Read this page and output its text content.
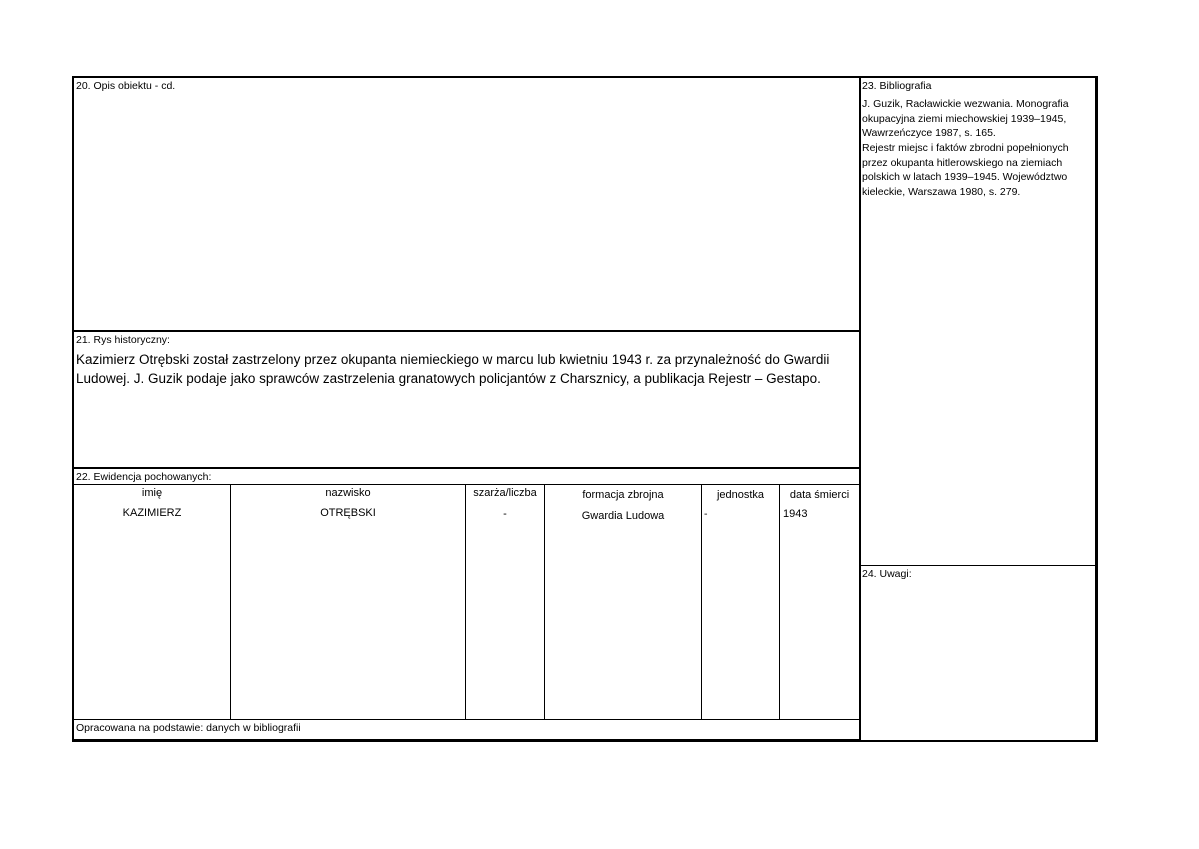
20. Opis obiektu - cd.
21. Rys historyczny:
Kazimierz Otrębski został zastrzelony przez okupanta niemieckiego w marcu lub kwietniu 1943 r. za przynależność do Gwardii Ludowej. J. Guzik podaje jako sprawców zastrzelenia granatowych policjantów z Charsznicy, a publikacja Rejestr – Gestapo.
22. Ewidencja pochowanych:
imię	nazwisko	szarża/liczba	formacja zbrojna	jednostka	data śmierci
KAZIMIERZ	OTRĘBSKI	-	Gwardia Ludowa	-	1943
Opracowana na podstawie: danych w bibliografii
23. Bibliografia
J. Guzik, Racławickie wezwania. Monografia okupacyjna ziemi miechowskiej 1939–1945, Wawrzeńczyce 1987, s. 165.
Rejestr miejsc i faktów zbrodni popełnionych przez okupanta hitlerowskiego na ziemiach polskich w latach 1939–1945. Województwo kieleckie, Warszawa 1980, s. 279.
24. Uwagi:
